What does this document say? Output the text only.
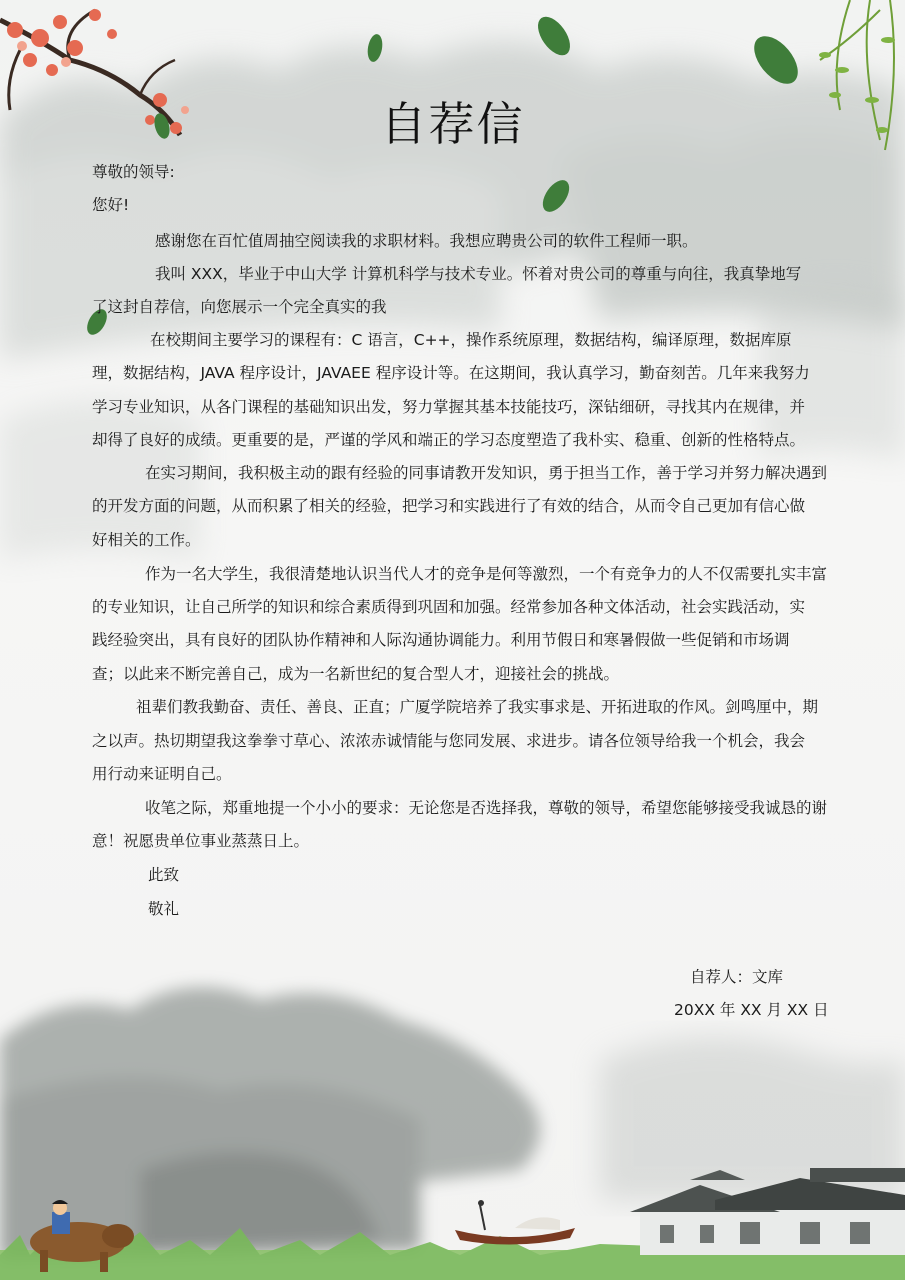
自荐信
尊敬的领导:
您好!
感谢您在百忙值周抽空阅读我的求职材料。我想应聘贵公司的软件工程师一职。
我叫 XXX，毕业于中山大学 计算机科学与技术专业。怀着对贵公司的尊重与向往，我真挚地写
了这封自荐信，向您展示一个完全真实的我
在校期间主要学习的课程有：C 语言，C++，操作系统原理，数据结构，编译原理，数据库原
理，数据结构，JAVA 程序设计，JAVAEE 程序设计等。在这期间，我认真学习，勤奋刻苦。几年来我努力
学习专业知识，从各门课程的基础知识出发，努力掌握其基本技能技巧，深钻细研，寻找其内在规律，并
却得了良好的成绩。更重要的是，严谨的学风和端正的学习态度塑造了我朴实、稳重、创新的性格特点。
在实习期间，我积极主动的跟有经验的同事请教开发知识，勇于担当工作，善于学习并努力解决遇到
的开发方面的问题，从而积累了相关的经验，把学习和实践进行了有效的结合，从而令自己更加有信心做
好相关的工作。
作为一名大学生，我很清楚地认识当代人才的竞争是何等激烈，一个有竞争力的人不仅需要扎实丰富
的专业知识，让自己所学的知识和综合素质得到巩固和加强。经常参加各种文体活动，社会实践活动，实
践经验突出，具有良好的团队协作精神和人际沟通协调能力。利用节假日和寒暑假做一些促销和市场调
查；以此来不断完善自己，成为一名新世纪的复合型人才，迎接社会的挑战。
祖辈们教我勤奋、责任、善良、正直；广厦学院培养了我实事求是、开拓进取的作风。剑鸣厘中，期
之以声。热切期望我这拳拳寸草心、浓浓赤诚情能与您同发展、求进步。请各位领导给我一个机会，我会
用行动来证明自己。
收笔之际，郑重地提一个小小的要求：无论您是否选择我，尊敬的领导，希望您能够接受我诚恳的谢
意！祝愿贵单位事业蒸蒸日上。
此致
敬礼
自荐人：文库
20XX 年 XX 月 XX 日
